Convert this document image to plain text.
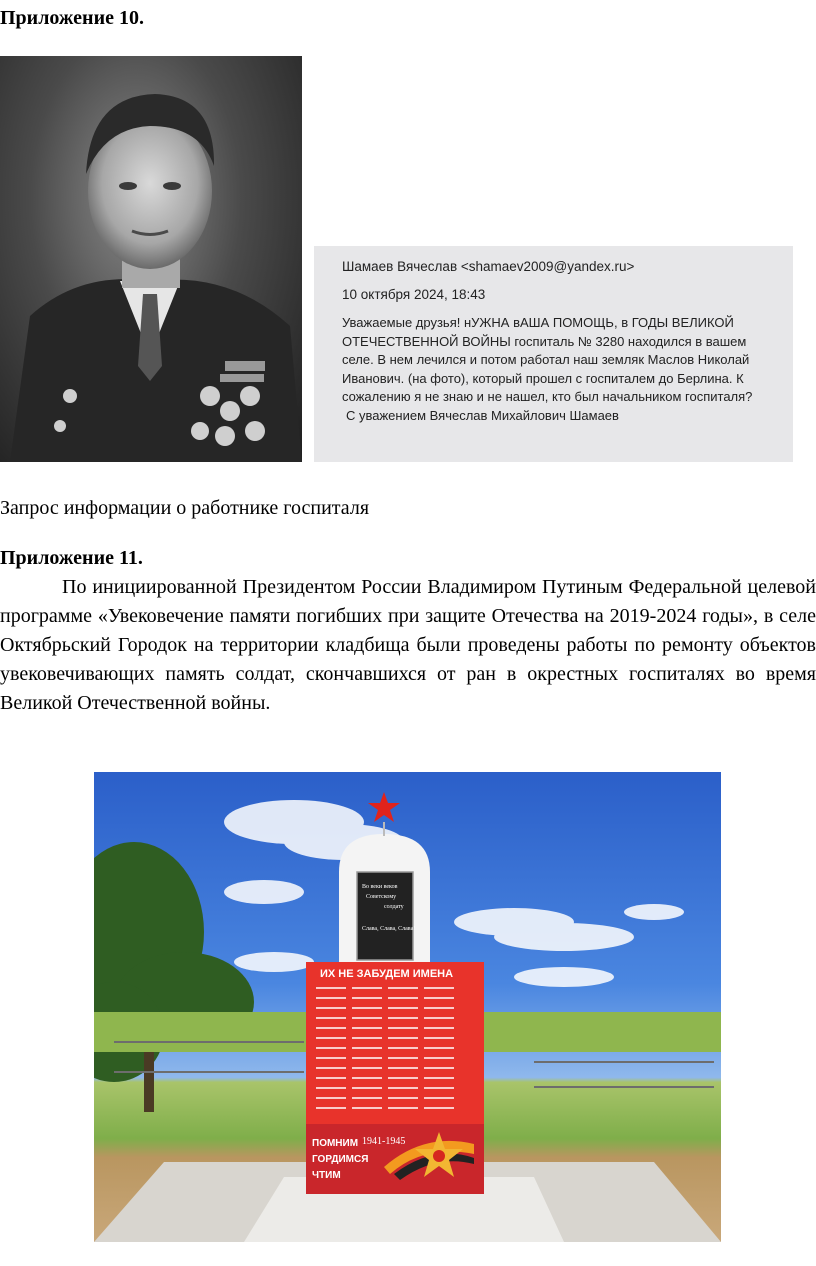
Приложение 10.
Шамаев Вячеслав <shamaev2009@yandex.ru>
10 октября 2024, 18:43
Уважаемые друзья! нУЖНА вАША ПОМОЩЬ, в ГОДЫ ВЕЛИКОЙ ОТЕЧЕСТВЕННОЙ ВОЙНЫ госпиталь № 3280 находился в вашем селе. В нем лечился и потом работал наш земляк Маслов Николай Иванович. (на фото), который прошел с госпиталем до Берлина. К сожалению я не знаю и не нашел, кто был начальником госпиталя?
С уважением Вячеслав Михайлович Шамаев
Запрос информации о работнике госпиталя
Приложение 11.
По инициированной Президентом России Владимиром Путиным Федеральной целевой программе «Увековечение памяти погибших при защите Отечества на 2019-2024 годы», в селе Октябрьский Городок на территории кладбища были проведены работы по ремонту объектов увековечивающих память солдат, скончавшихся от ран в окрестных госпиталях во время Великой Отечественной войны.
Во веки веков
Советскому
солдату
Слава, Слава, Слава!
ИХ НЕ ЗАБУДЕМ ИМЕНА
1941-1945
ПОМНИМ
ГОРДИМСЯ
ЧТИМ
